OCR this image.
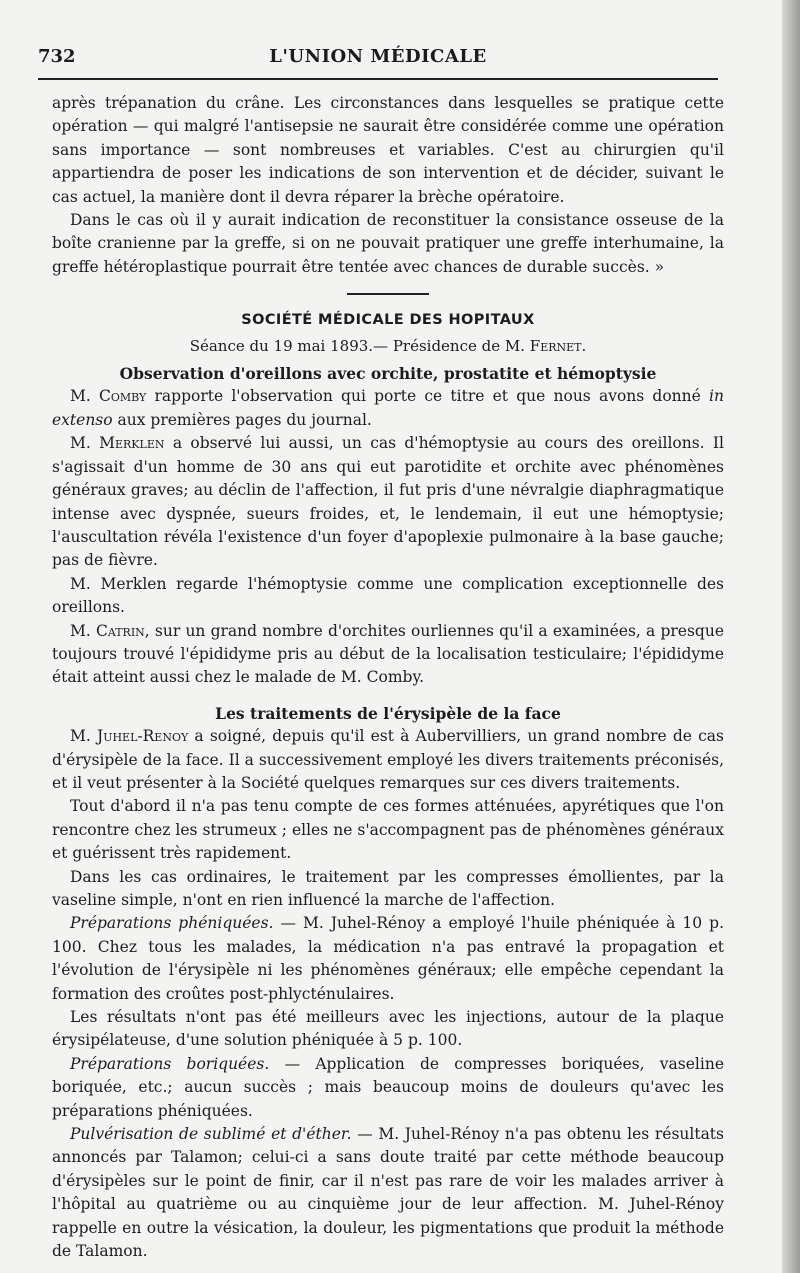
732	L'UNION MÉDICALE

après trépanation du crâne. Les circonstances dans lesquelles se pratique cette opération — qui malgré l'antisepsie ne saurait être considérée comme une opération sans importance — sont nombreuses et variables. C'est au chirurgien qu'il appartiendra de poser les indications de son intervention et de décider, suivant le cas actuel, la manière dont il devra réparer la brèche opératoire.

Dans le cas où il y aurait indication de reconstituer la consistance osseuse de la boîte cranienne par la greffe, si on ne pouvait pratiquer une greffe interhumaine, la greffe hétéroplastique pourrait être tentée avec chances de durable succès. »

SOCIÉTÉ MÉDICALE DES HOPITAUX
Séance du 19 mai 1893.— Présidence de M. Fernet.
Observation d'oreillons avec orchite, prostatite et hémoptysie

M. Comby rapporte l'observation qui porte ce titre et que nous avons donné in extenso aux premières pages du journal.

M. Merklen a observé lui aussi, un cas d'hémoptysie au cours des oreillons. Il s'agissait d'un homme de 30 ans qui eut parotidite et orchite avec phénomènes généraux graves; au déclin de l'affection, il fut pris d'une névralgie diaphragmatique intense avec dyspnée, sueurs froides, et, le lendemain, il eut une hémoptysie; l'auscultation révéla l'existence d'un foyer d'apoplexie pulmonaire à la base gauche; pas de fièvre.

M. Merklen regarde l'hémoptysie comme une complication exceptionnelle des oreillons.

M. Catrin, sur un grand nombre d'orchites ourliennes qu'il a examinées, a presque toujours trouvé l'épididyme pris au début de la localisation testiculaire; l'épididyme était atteint aussi chez le malade de M. Comby.

Les traitements de l'érysipèle de la face

M. Juhel-Renoy a soigné, depuis qu'il est à Aubervilliers, un grand nombre de cas d'érysipèle de la face. Il a successivement employé les divers traitements préconisés, et il veut présenter à la Société quelques remarques sur ces divers traitements.

Tout d'abord il n'a pas tenu compte de ces formes atténuées, apyrétiques que l'on rencontre chez les strumeux ; elles ne s'accompagnent pas de phénomènes généraux et guérissent très rapidement.

Dans les cas ordinaires, le traitement par les compresses émollientes, par la vaseline simple, n'ont en rien influencé la marche de l'affection.

Préparations phéniquées. — M. Juhel-Rénoy a employé l'huile phéniquée à 10 p. 100. Chez tous les malades, la médication n'a pas entravé la propagation et l'évolution de l'érysipèle ni les phénomènes généraux; elle empêche cependant la formation des croûtes post-phlycténulaires.

Les résultats n'ont pas été meilleurs avec les injections, autour de la plaque érysipélateuse, d'une solution phéniquée à 5 p. 100.

Préparations boriquées. — Application de compresses boriquées, vaseline boriquée, etc.; aucun succès ; mais beaucoup moins de douleurs qu'avec les préparations phéniquées.

Pulvérisation de sublimé et d'éther. — M. Juhel-Rénoy n'a pas obtenu les résultats annoncés par Talamon; celui-ci a sans doute traité par cette méthode beaucoup d'érysipèles sur le point de finir, car il n'est pas rare de voir les malades arriver à l'hôpital au quatrième ou au cinquième jour de leur affection. M. Juhel-Rénoy rappelle en outre la vésication, la douleur, les pigmentations que produit la méthode de Talamon.
